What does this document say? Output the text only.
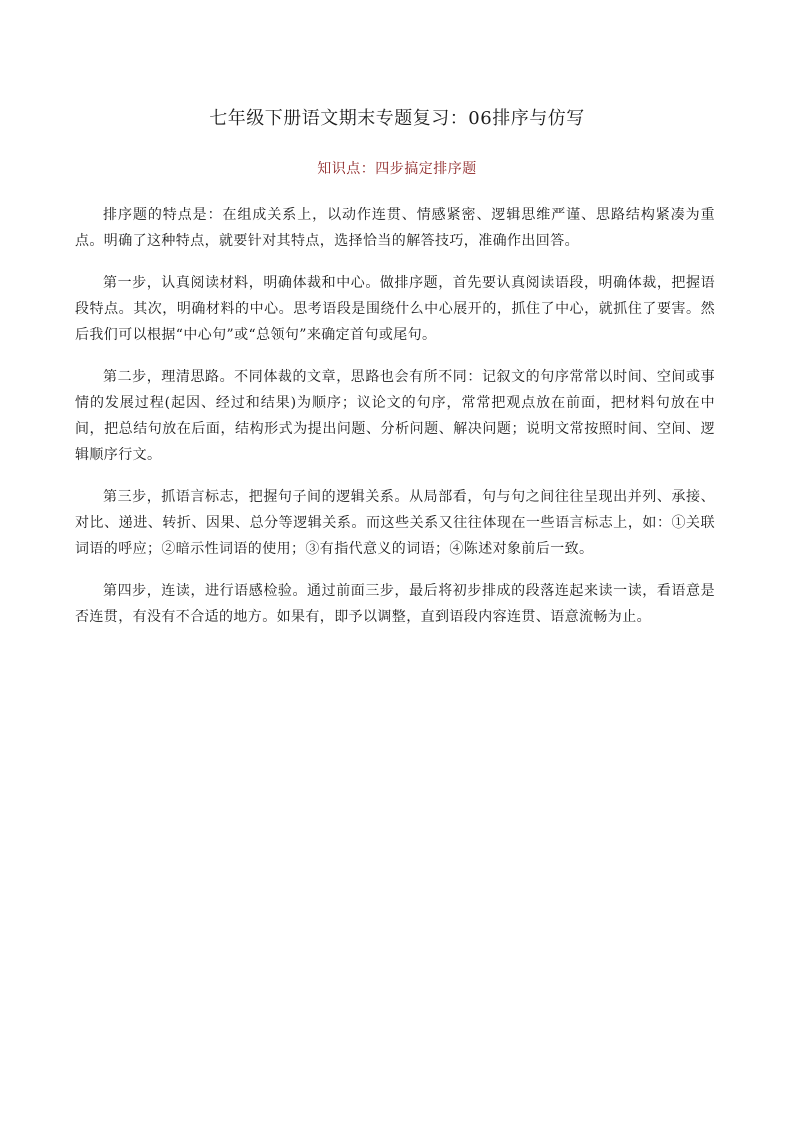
七年级下册语文期末专题复习：06排序与仿写
知识点：四步搞定排序题

排序题的特点是：在组成关系上，以动作连贯、情感紧密、逻辑思维严谨、思路结构紧凑为重点。明确了这种特点，就要针对其特点，选择恰当的解答技巧，准确作出回答。

第一步，认真阅读材料，明确体裁和中心。做排序题，首先要认真阅读语段，明确体裁，把握语段特点。其次，明确材料的中心。思考语段是围绕什么中心展开的，抓住了中心，就抓住了要害。然后我们可以根据“中心句”或“总领句”来确定首句或尾句。

第二步，理清思路。不同体裁的文章，思路也会有所不同：记叙文的句序常常以时间、空间或事情的发展过程(起因、经过和结果)为顺序；议论文的句序，常常把观点放在前面，把材料句放在中间，把总结句放在后面，结构形式为提出问题、分析问题、解决问题；说明文常按照时间、空间、逻辑顺序行文。

第三步，抓语言标志，把握句子间的逻辑关系。从局部看，句与句之间往往呈现出并列、承接、对比、递进、转折、因果、总分等逻辑关系。而这些关系又往往体现在一些语言标志上，如：①关联词语的呼应；②暗示性词语的使用；③有指代意义的词语；④陈述对象前后一致。

第四步，连读，进行语感检验。通过前面三步，最后将初步排成的段落连起来读一读，看语意是否连贯，有没有不合适的地方。如果有，即予以调整，直到语段内容连贯、语意流畅为止。
